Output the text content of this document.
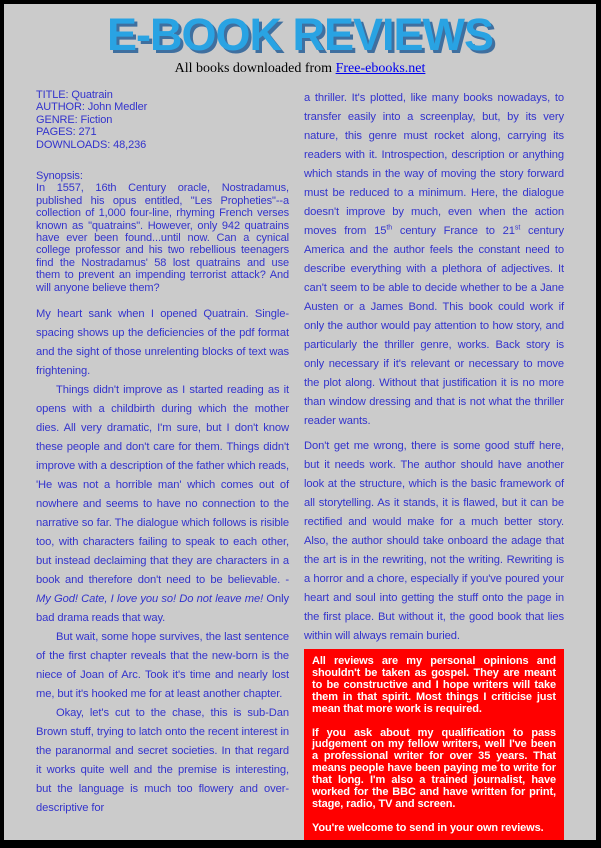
E-BOOK REVIEWS
All books downloaded from Free-ebooks.net
TITLE: Quatrain
AUTHOR: John Medler
GENRE: Fiction
PAGES: 271
DOWNLOADS: 48,236
Synopsis:
In 1557, 16th Century oracle, Nostradamus, published his opus entitled, "Les Propheties"--a collection of 1,000 four-line, rhyming French verses known as "quatrains". However, only 942 quatrains have ever been found...until now. Can a cynical college professor and his two rebellious teenagers find the Nostradamus' 58 lost quatrains and use them to prevent an impending terrorist attack? And will anyone believe them?

My heart sank when I opened Quatrain. Single-spacing shows up the deficiencies of the pdf format and the sight of those unrelenting blocks of text was frightening.

Things didn't improve as I started reading as it opens with a childbirth during which the mother dies. All very dramatic, I'm sure, but I don't know these people and don't care for them. Things didn't improve with a description of the father which reads, 'He was not a horrible man' which comes out of nowhere and seems to have no connection to the narrative so far. The dialogue which follows is risible too, with characters failing to speak to each other, but instead declaiming that they are characters in a book and therefore don't need to be believable. - My God! Cate, I love you so! Do not leave me! Only bad drama reads that way.

But wait, some hope survives, the last sentence of the first chapter reveals that the new-born is the niece of Joan of Arc. Took it's time and nearly lost me, but it's hooked me for at least another chapter.

Okay, let's cut to the chase, this is sub-Dan Brown stuff, trying to latch onto the recent interest in the paranormal and secret societies. In that regard it works quite well and the premise is interesting, but the language is much too flowery and over-descriptive for

a thriller. It's plotted, like many books nowadays, to transfer easily into a screenplay, but, by its very nature, this genre must rocket along, carrying its readers with it. Introspection, description or anything which stands in the way of moving the story forward must be reduced to a minimum. Here, the dialogue doesn't improve by much, even when the action moves from 15th century France to 21st century America and the author feels the constant need to describe everything with a plethora of adjectives. It can't seem to be able to decide whether to be a Jane Austen or a James Bond. This book could work if only the author would pay attention to how story, and particularly the thriller genre, works. Back story is only necessary if it's relevant or necessary to move the plot along. Without that justification it is no more than window dressing and that is not what the thriller reader wants.

Don't get me wrong, there is some good stuff here, but it needs work. The author should have another look at the structure, which is the basic framework of all storytelling. As it stands, it is flawed, but it can be rectified and would make for a much better story. Also, the author should take onboard the adage that the art is in the rewriting, not the writing. Rewriting is a horror and a chore, especially if you've poured your heart and soul into getting the stuff onto the page in the first place. But without it, the good book that lies within will always remain buried.

All reviews are my personal opinions and shouldn't be taken as gospel. They are meant to be constructive and I hope writers will take them in that spirit. Most things I criticise just mean that more work is required.

If you ask about my qualification to pass judgement on my fellow writers, well I've been a professional writer for over 35 years. That means people have been paying me to write for that long. I'm also a trained journalist, have worked for the BBC and have written for print, stage, radio, TV and screen.

You're welcome to send in your own reviews.
